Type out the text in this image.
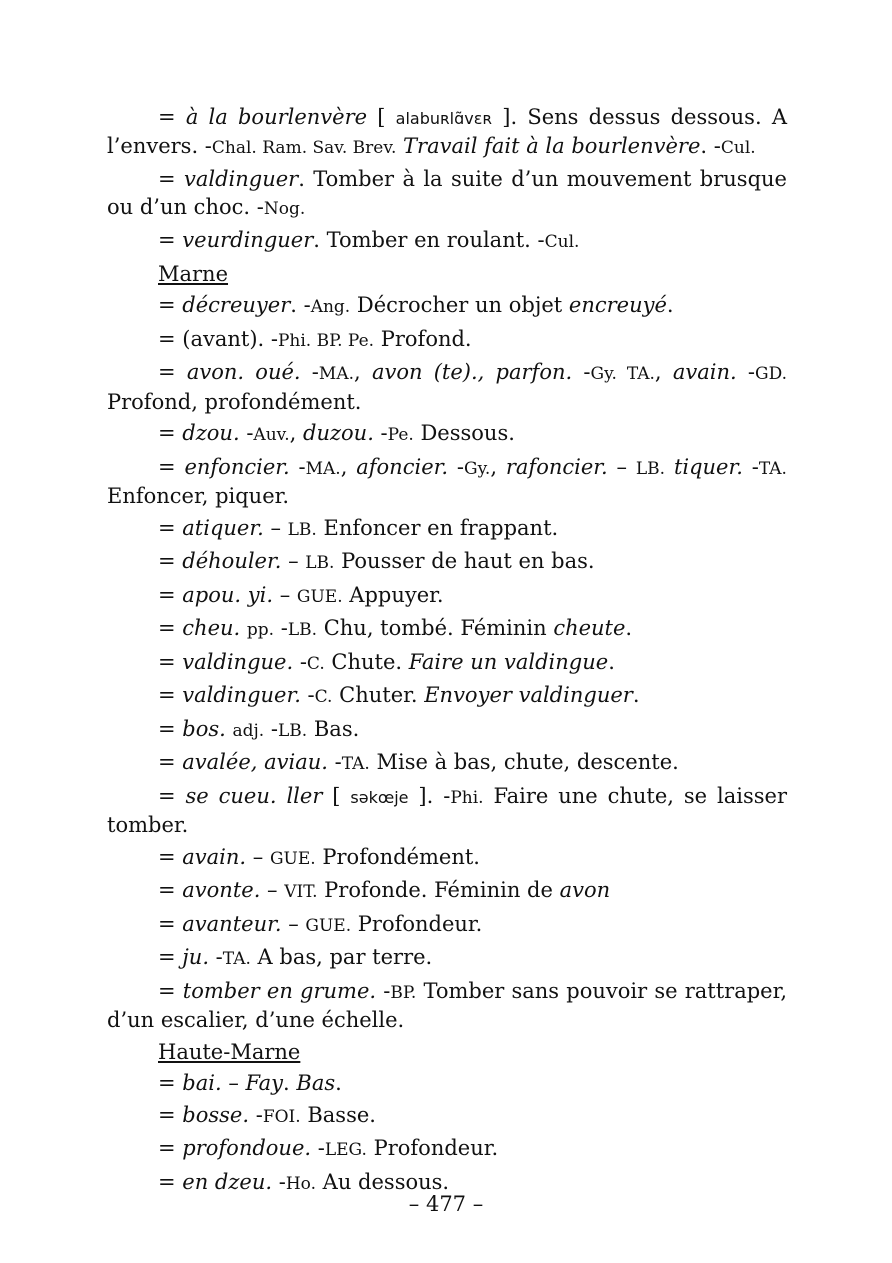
= à la bourlenvère [ alabuʀlɑ̃vɛʀ ]. Sens dessus dessous. A l’envers. -Chal. Ram. Sav. Brev. Travail fait à la bourlenvère. -Cul.
= valdinguer. Tomber à la suite d’un mouvement brusque ou d’un choc. -Nog.
= veurdinguer. Tomber en roulant. -Cul.
Marne
= décreuyer. -Ang. Décrocher un objet encreuyé.
= (avant). -Phi. BP. Pe. Profond.
= avon. oué. -MA., avon (te)., parfon. -Gy. TA., avain. -GD. Profond, profondément.
= dzou. -Auv., duzou. -Pe. Dessous.
= enfoncier. -MA., afoncier. -Gy., rafoncier. – LB. tiquer. -TA. Enfoncer, piquer.
= atiquer. – LB. Enfoncer en frappant.
= déhouler. – LB. Pousser de haut en bas.
= apou. yi. – GUE. Appuyer.
= cheu. pp. -LB. Chu, tombé. Féminin cheute.
= valdingue. -C. Chute. Faire un valdingue.
= valdinguer. -C. Chuter. Envoyer valdinguer.
= bos. adj. -LB. Bas.
= avalée, aviau. -TA. Mise à bas, chute, descente.
= se cueu. ller [ səkœje ]. -Phi. Faire une chute, se laisser tomber.
= avain. – GUE. Profondément.
= avonte. – VIT. Profonde. Féminin de avon
= avanteur. – GUE. Profondeur.
= ju. -TA. A bas, par terre.
= tomber en grume. -BP. Tomber sans pouvoir se rattraper, d’un escalier, d’une échelle.
Haute-Marne
= bai. – Fay. Bas.
= bosse. -FOI. Basse.
= profondoue. -LEG. Profondeur.
= en dzeu. -Ho. Au dessous.
– 477 –
